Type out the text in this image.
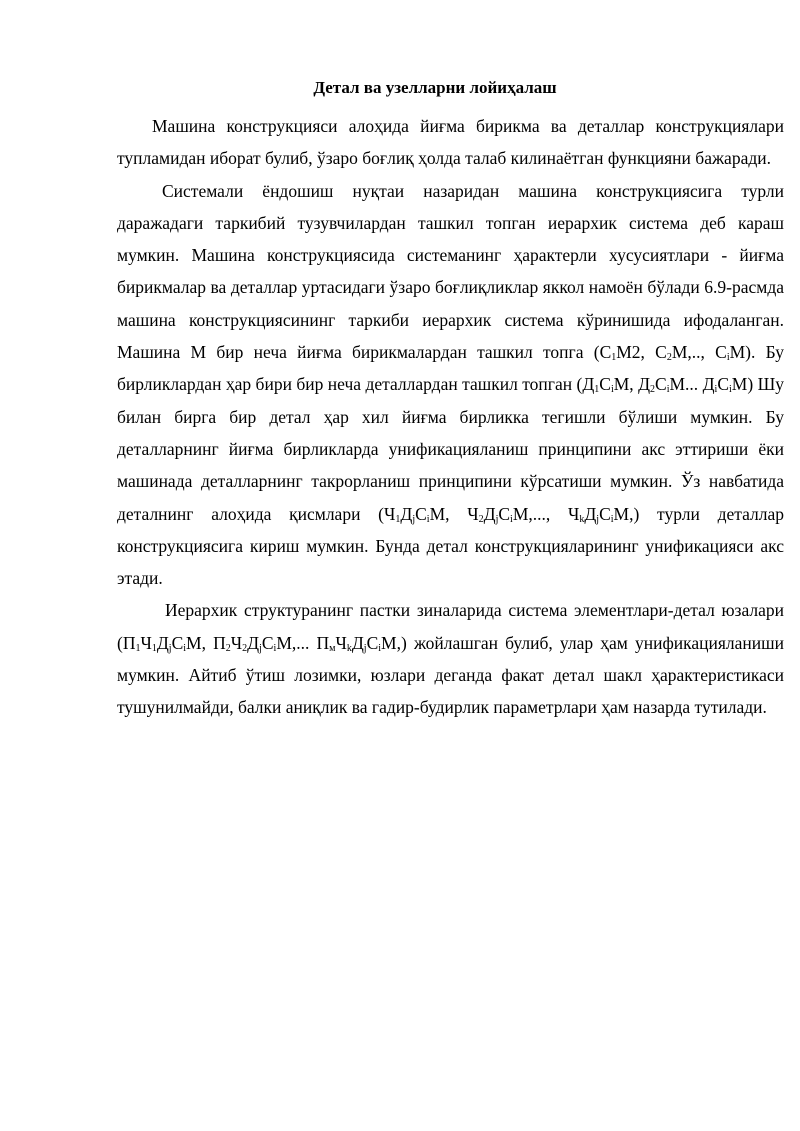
Детал ва узелларни лойиҳалаш

Машина конструкцияси алоҳида йиғма бирикма ва деталлар конструкциялари тупламидан иборат булиб, ўзаро боғлиқ ҳолда талаб килинаётган функцияни бажаради.

Системали ёндошиш нуқтаи назаридан машина конструкциясига турли даражадаги таркибий тузувчилардан ташкил топган иерархик система деб караш мумкин. Машина конструкциясида системанинг ҳарактерли хусусиятлари - йиғма бирикмалар ва деталлар уртасидаги ўзаро боғлиқликлар яккол намоён бўлади 6.9-расмда машина конструкциясининг таркиби иерархик система кўринишида ифодаланган. Машина М бир неча йиғма бирикмалардан ташкил топга ($С_1М2$, $С_2М$,.., $С_iМ$). Бу бирликлардан ҳар бири бир неча деталлардан ташкил топган ($Д_1С_iМ$, $Д_2С_iМ$... $Д_iС_iМ$) Шу билан бирга бир детал ҳар хил йиғма бирликка тегишли бўлиши мумкин. Бу деталларнинг йиғма бирликларда унификацияланиш принципини акс эттириши ёки машинада деталларнинг такрорланиш принципини кўрсатиши мумкин. Ўз навбатида деталнинг алоҳида қисмлари ($Ч_1Д_jС_iМ$, $Ч_2Д_jС_iМ$,..., $Ч_kД_jС_iМ$,) турли деталлар конструкциясига кириш мумкин. Бунда детал конструкцияларининг унификацияси акс этади.

Иерархик структуранинг пастки зиналарида система элементлари-детал юзалари ($П_1Ч_1Д_jС_iМ$, $П_2Ч_2Д_jС_iМ$,... $П_мЧ_kД_jС_iМ$,) жойлашган булиб, улар ҳам унификацияланиши мумкин. Айтиб ўтиш лозимки, юзлари деганда факат детал шакл ҳарактеристикаси тушунилмайди, балки аниқлик ва гадир-будирлик параметрлари ҳам назарда тутилади.
